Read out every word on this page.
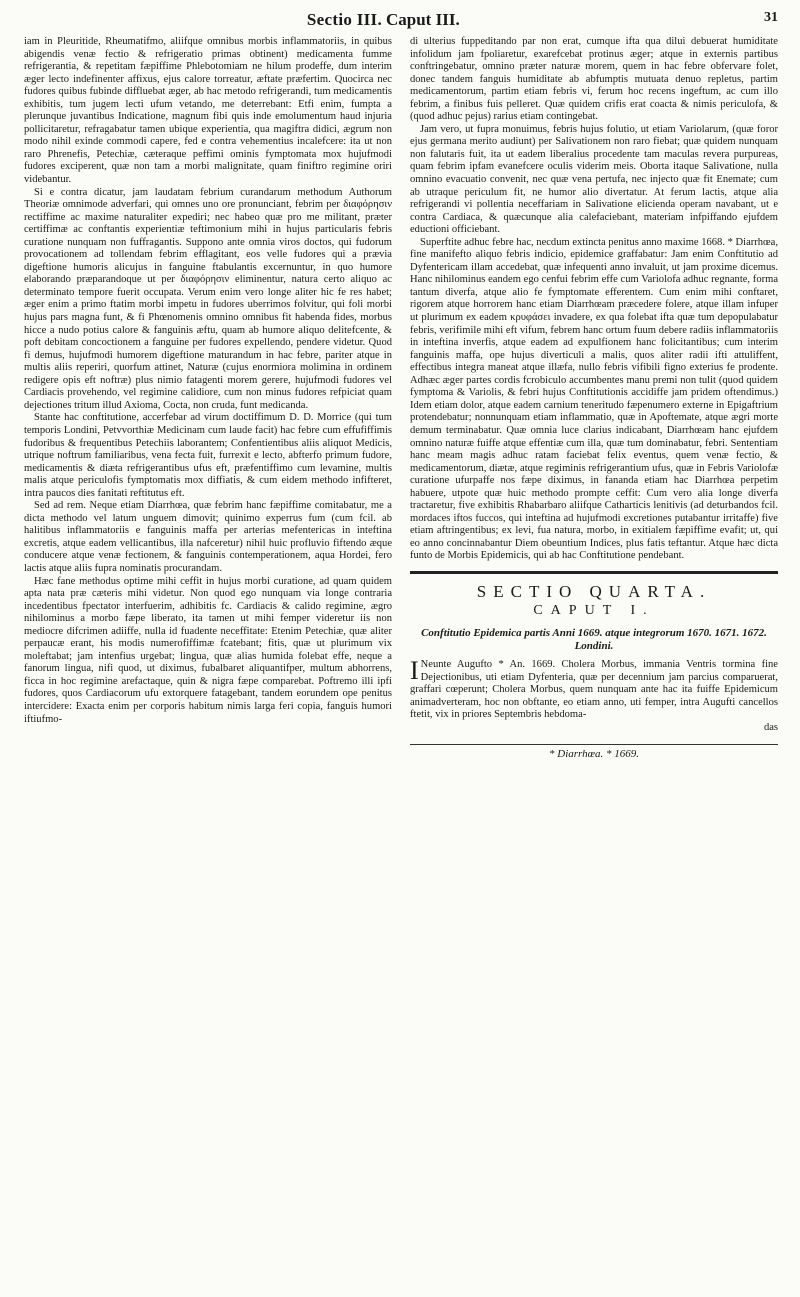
Sectio III. Caput III.	31

iam in Pleuritide, Rheumatifmo, aliifque omnibus morbis inflammatoriis, in quibus abigendis venæ fectio & refrigeratio primas obtinent) medicamenta fumme refrigerantia, & repetitam fæpiffime Phlebotomiam ne hilum prodeffe, dum interim æger lecto indefinenter affixus, ejus calore torreatur, æftate præfertim. Quocirca nec fudores quibus fubinde diffluebat æger, ab hac metodo refrigerandi, tum medicamentis exhibitis, tum jugem lecti ufum vetando, me deterrebant: Etfi enim, fumpta a plerunque juvantibus Indicatione, magnum fibi quis inde emolumentum haud injuria pollicitaretur, refragabatur tamen ubique experientia, qua magiftra didici, ægrum non modo nihil exinde commodi capere, fed e contra vehementius incalefcere: ita ut non raro Phrenefis, Petechiæ, cæteraque peffimi ominis fymptomata mox hujufmodi fudores exciperent, quæ non tam a morbi malignitate, quam finiftro regimine oriri videbantur.

Si e contra dicatur, jam laudatam febrium curandarum methodum Authorum Theoriæ omnimode adverfari, qui omnes uno ore pronunciant, febrim per διαφόρησιν rectiffime ac maxime naturaliter expediri; nec habeo quæ pro me militant, præter certiffimæ ac conftantis experientiæ teftimonium mihi in hujus particularis febris curatione nunquam non fuffragantis. Suppono ante omnia viros doctos, qui fudorum provocationem ad tollendam febrim efflagitant, eos velle fudores qui a prævia digeftione humoris alicujus in fanguine ftabulantis excernuntur, in quo humore elaborando præparandoque ut per διαφόρησιν eliminentur, natura certo aliquo ac determinato tempore fuerit occupata. Verum enim vero longe aliter hic fe res habet; æger enim a primo ftatim morbi impetu in fudores uberrimos folvitur, qui foli morbi hujus pars magna funt, & fi Phœnomenis omnino omnibus fit habenda fides, morbus hicce a nudo potius calore & fanguinis æftu, quam ab humore aliquo delitefcente, & poft debitam concoctionem a fanguine per fudores expellendo, pendere videtur. Quod fi demus, hujufmodi humorem digeftione maturandum in hac febre, pariter atque in multis aliis reperiri, quorfum attinet, Naturæ (cujus enormiora molimina in ordinem redigere opis eft noftræ) plus nimio fatagenti morem gerere, hujufmodi fudores vel Cardiacis provehendo, vel regimine calidiore, cum non minus fudores refpiciat quam dejectiones tritum illud Axioma, Cocta, non cruda, funt medicanda.

Stante hac conftitutione, accerfebar ad virum doctiffimum D. D. Morrice (qui tum temporis Londini, Petvvorthiæ Medicinam cum laude facit) hac febre cum effufiffimis fudoribus & frequentibus Petechiis laborantem; Confentientibus aliis aliquot Medicis, utrique noftrum familiaribus, vena fecta fuit, furrexit e lecto, abfterfo primum fudore, medicamentis & diæta refrigerantibus ufus eft, præfentiffimo cum levamine, multis malis atque periculofis fymptomatis mox diffiatis, & cum eidem methodo infifteret, intra paucos dies fanitati reftitutus eft.

Sed ad rem. Neque etiam Diarrhœa, quæ febrim hanc fæpiffime comitabatur, me a dicta methodo vel latum unguem dimovit; quinimo experrus fum (cum fcil. ab halitibus inflammatoriis e fanguinis maffa per arterias mefentericas in inteftina excretis, atque eadem vellicantibus, illa nafceretur) nihil huic profluvio fiftendo æque conducere atque venæ fectionem, & fanguinis contemperationem, aqua Hordei, fero lactis atque aliis fupra nominatis procurandam.

Hæc fane methodus optime mihi ceffit in hujus morbi curatione, ad quam quidem apta nata præ cæteris mihi videtur. Non quod ego nunquam via longe contraria incedentibus fpectator interfuerim, adhibitis fc. Cardiacis & calido regimine, ægro nihilominus a morbo fæpe liberato, ita tamen ut mihi femper videretur iis non mediocre difcrimen adiiffe, nulla id fuadente neceffitate: Etenim Petechiæ, quæ aliter perpaucæ erant, his modis numerofiffimæ fcatebant; fitis, quæ ut plurimum vix moleftabat; jam intenfius urgebat; lingua, quæ alias humida folebat effe, neque a fanorum lingua, nifi quod, ut diximus, fubalbaret aliquantifper, multum abhorrens, ficca in hoc regimine arefactaque, quin & nigra fæpe comparebat. Poftremo illi ipfi fudores, quos Cardiacorum ufu extorquere fatagebant, tandem eorundem ope penitus intercidere: Exacta enim per corporis habitum nimis larga feri copia, fanguis humori iftiufmo-

di ulterius fuppeditando par non erat, cumque ifta qua dilui debuerat humiditate infolidum jam fpoliaretur, exarefcebat protinus æger; atque in externis partibus conftringebatur, omnino præter naturæ morem, quem in hac febre obfervare folet, donec tandem fanguis humiditate ab abfumptis mutuata denuo repletus, partim medicamentorum, partim etiam febris vi, ferum hoc recens ingeftum, ac cum illo febrim, a finibus fuis pelleret. Quæ quidem crifis erat coacta & nimis periculofa, & (quod adhuc pejus) rarius etiam contingebat.

Jam vero, ut fupra monuimus, febris hujus folutio, ut etiam Variolarum, (quæ foror ejus germana merito audiunt) per Salivationem non raro fiebat; quæ quidem nunquam non falutaris fuit, ita ut eadem liberalius procedente tam maculas revera purpureas, quam febrim ipfam evanefcere oculis viderim meis. Oborta itaque Salivatione, nulla omnino evacuatio convenit, nec quæ vena pertufa, nec injecto quæ fit Enemate; cum ab utraque periculum fit, ne humor alio divertatur. At ferum lactis, atque alia refrigerandi vi pollentia neceffariam in Salivatione elicienda operam navabant, ut e contra Cardiaca, & quæcunque alia calefaciebant, materiam infpiffando ejufdem eductioni officiebant.

Superftite adhuc febre hac, necdum extincta penitus anno maxime 1668. * Diarrhœa, fine manifefto aliquo febris indicio, epidemice graffabatur: Jam enim Conftitutio ad Dyfentericam illam accedebat, quæ infequenti anno invaluit, ut jam proxime dicemus. Hanc nihilominus eandem ego cenfui febrim effe cum Variolofa adhuc regnante, forma tantum diverfa, atque alio fe fymptomate efferentem. Cum enim mihi conftaret, rigorem atque horrorem hanc etiam Diarrhœam præcedere folere, atque illam infuper ut plurimum ex eadem κρυφάσει invadere, ex qua folebat ifta quæ tum depopulabatur febris, verifimile mihi eft vifum, febrem hanc ortum fuum debere radiis inflammatoriis in inteftina inverfis, atque eadem ad expulfionem hanc folicitantibus; cum interim fanguinis maffa, ope hujus diverticuli a malis, quos aliter radii ifti attuliffent, effectibus integra maneat atque illæfa, nullo febris vifibili figno exterius fe prodente. Adhæc æger partes cordis fcrobiculo accumbentes manu premi non tulit (quod quidem fymptoma & Variolis, & febri hujus Conftitutionis accidiffe jam pridem oftendimus.) Idem etiam dolor, atque eadem carnium teneritudo fæpenumero externe in Epigaftrium protendebatur; nonnunquam etiam inflammatio, quæ in Apoftemate, atque ægri morte demum terminabatur. Quæ omnia luce clarius indicabant, Diarrhœam hanc ejufdem omnino naturæ fuiffe atque effentiæ cum illa, quæ tum dominabatur, febri. Sententiam hanc meam magis adhuc ratam faciebat felix eventus, quem venæ fectio, & medicamentorum, diætæ, atque regiminis refrigerantium ufus, quæ in Febris Variolofæ curatione ufurpaffe nos fæpe diximus, in fananda etiam hac Diarrhœa perpetim habuere, utpote quæ huic methodo prompte ceffit: Cum vero alia longe diverfa tractaretur, five exhibitis Rhabarbaro aliifque Catharticis lenitivis (ad deturbandos fcil. mordaces iftos fuccos, qui inteftina ad hujufmodi excretiones putabantur irritaffe) five etiam aftringentibus; ex levi, fua natura, morbo, in exitialem fæpiffime evafit; ut, qui eo anno concinnabantur Diem obeuntium Indices, plus fatis teftantur. Atque hæc dicta funto de Morbis Epidemicis, qui ab hac Conftitutione pendebant.

SECTIO QUARTA.
CAPUT I.
Conftitutio Epidemica partis Anni 1669. atque integrorum 1670. 1671. 1672. Londini.

I Neunte Augufto * An. 1669. Cholera Morbus, immania Ventris tormina fine Dejectionibus, uti etiam Dyfenteria, quæ per decennium jam parcius comparuerat, graffari cœperunt; Cholera Morbus, quem nunquam ante hac ita fuiffe Epidemicum animadverteram, hoc non obftante, eo etiam anno, uti femper, intra Augufti cancellos ftetit, vix in priores Septembris hebdoma-

das
* Diarrhœa. * 1669.
